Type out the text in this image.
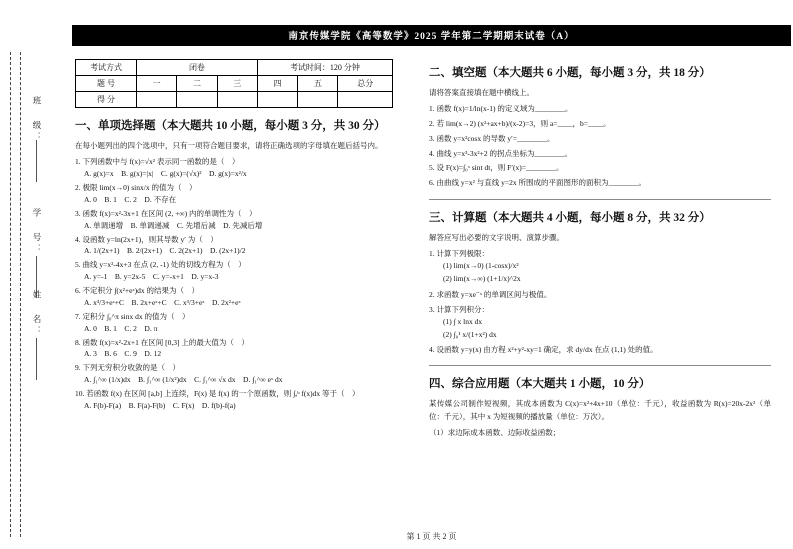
班 级：
学 号：
姓 名：
南京传媒学院《高等数学》2025 学年第二学期期末试卷（A）
考试方式	闭卷			考试时间：120 分钟		
题 号	一	二	三	四	五	总分
得 分						
一、单项选择题（本大题共 10 小题，每小题 3 分，共 30 分）
在每小题列出的四个选项中，只有一项符合题目要求，请将正确选项的字母填在题后括号内。
1. 下列函数中与 f(x)=√x² 表示同一函数的是（　）
A. g(x)=x　B. g(x)=|x|　C. g(x)=(√x)²　D. g(x)=x²/x
2. 极限 lim(x→0) sinx/x 的值为（　）
A. 0　B. 1　C. 2　D. 不存在
3. 函数 f(x)=x²-3x+1 在区间 (2, +∞) 内的单调性为（　）
A. 单调递增　B. 单调递减　C. 先增后减　D. 先减后增
4. 设函数 y=ln(2x+1)，则其导数 y′ 为（　）
A. 1/(2x+1)　B. 2/(2x+1)　C. 2(2x+1)　D. (2x+1)/2
5. 曲线 y=x²-4x+3 在点 (2, -1) 处的切线方程为（　）
A. y=-1　B. y=2x-5　C. y=-x+1　D. y=x-3
6. 不定积分 ∫(x²+eˣ)dx 的结果为（　）
A. x³/3+eˣ+C　B. 2x+eˣ+C　C. x³/3+eˣ　D. 2x²+eˣ
7. 定积分 ∫₀^π sinx dx 的值为（　）
A. 0　B. 1　C. 2　D. π
8. 函数 f(x)=x²-2x+1 在区间 [0,3] 上的最大值为（　）
A. 3　B. 6　C. 9　D. 12
9. 下列无穷积分收敛的是（　）
A. ∫₁^∞ (1/x)dx　B. ∫₁^∞ (1/x²)dx　C. ∫₁^∞ √x dx　D. ∫₁^∞ eˣ dx
10. 若函数 f(x) 在区间 [a,b] 上连续，F(x) 是 f(x) 的一个原函数，则 ∫ₐᵇ f(x)dx 等于（　）
A. F(b)-F(a)　B. F(a)-F(b)　C. F(x)　D. f(b)-f(a)
二、填空题（本大题共 6 小题，每小题 3 分，共 18 分）
请将答案直接填在题中横线上。
1. 函数 f(x)=1/ln(x-1) 的定义域为________。
2. 若 lim(x→2) (x²+ax+b)/(x-2)=3，则 a=____，b=____。
3. 函数 y=x²cosx 的导数 y′=________。
4. 曲线 y=x³-3x²+2 的拐点坐标为________。
5. 设 F(x)=∫₀ˣ sint dt，则 F′(x)=________。
6. 由曲线 y=x² 与直线 y=2x 所围成的平面图形的面积为________。
三、计算题（本大题共 4 小题，每小题 8 分，共 32 分）
解答应写出必要的文字说明、演算步骤。
1. 计算下列极限：
(1) lim(x→0) (1-cosx)/x²
(2) lim(x→∞) (1+1/x)^2x
2. 求函数 y=xe⁻ˣ 的单调区间与极值。
3. 计算下列积分：
(1) ∫ x lnx dx
(2) ∫₀¹ x/(1+x²) dx
4. 设函数 y=y(x) 由方程 x²+y²-xy=1 确定，求 dy/dx 在点 (1,1) 处的值。
四、综合应用题（本大题共 1 小题，10 分）
某传媒公司制作短视频，其成本函数为 C(x)=x²+4x+10（单位：千元），收益函数为 R(x)=20x-2x²（单位：千元），其中 x 为短视频的播放量（单位：万次）。
（1）求边际成本函数、边际收益函数；
第 1 页 共 2 页
